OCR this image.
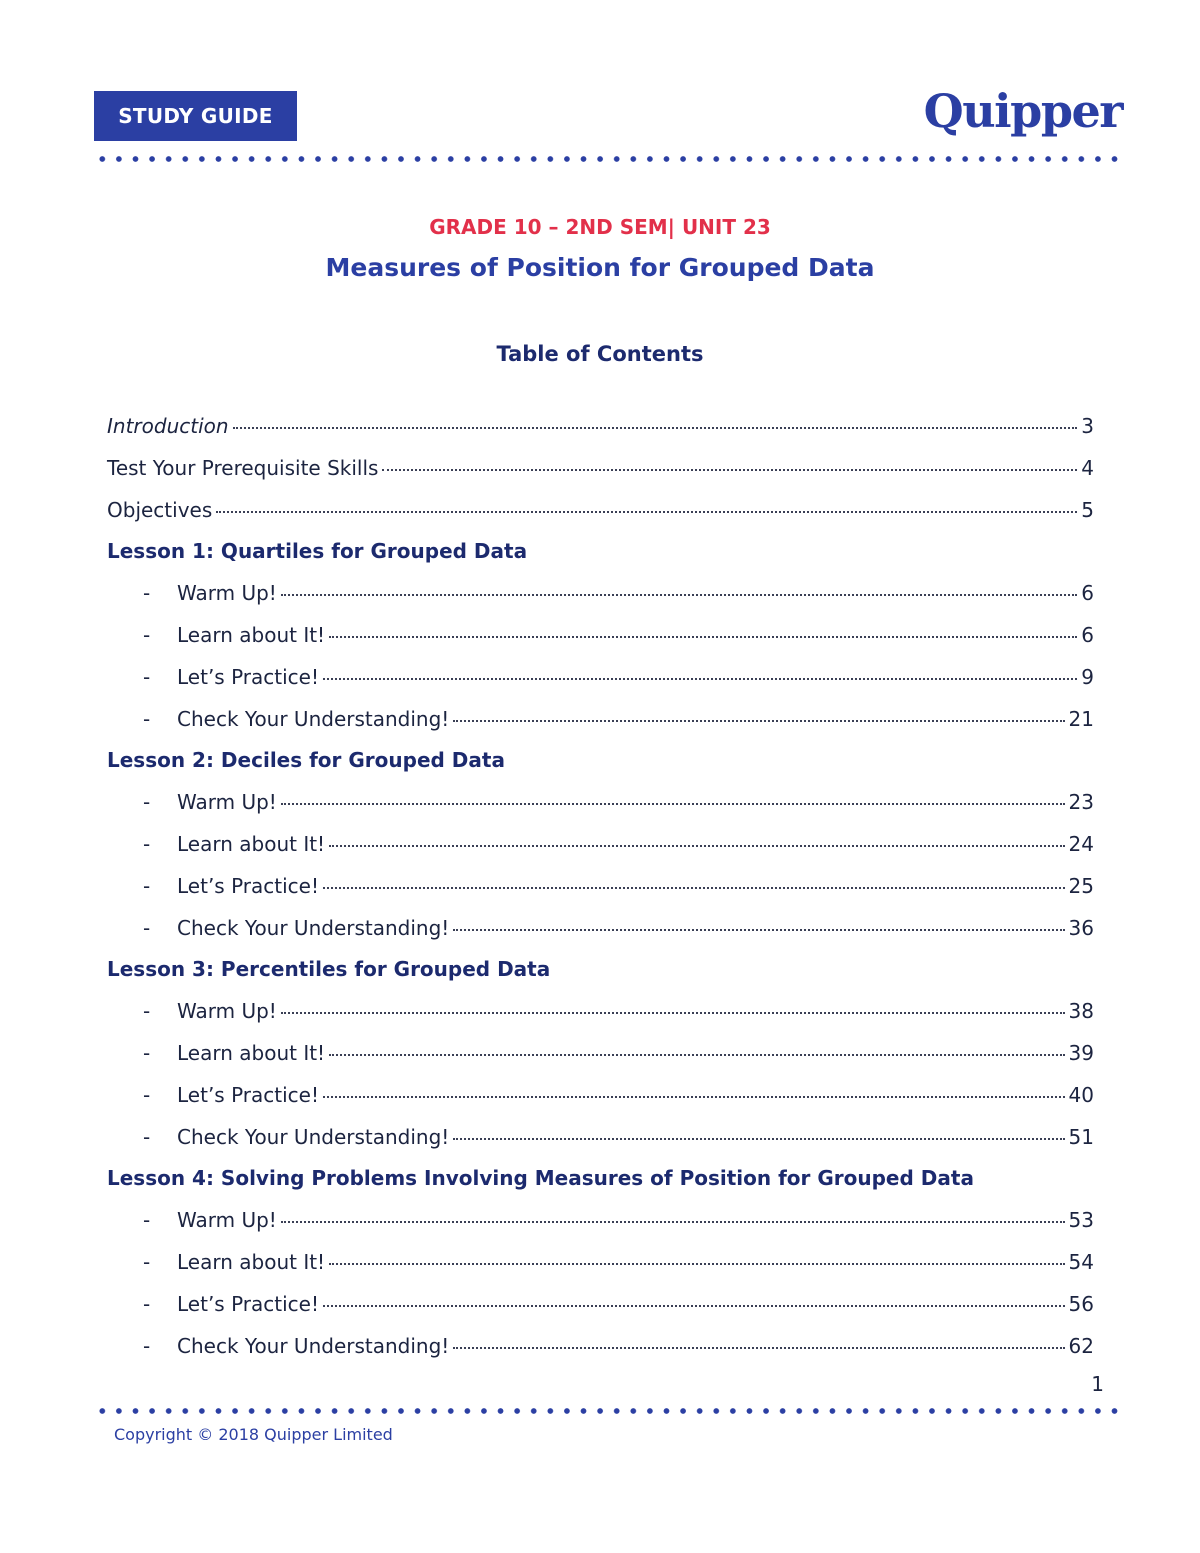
STUDY GUIDE	Quipper
GRADE 10 – 2ND SEM| UNIT 23
Measures of Position for Grouped Data
Table of Contents
Introduction	3
Test Your Prerequisite Skills	4
Objectives	5
Lesson 1: Quartiles for Grouped Data
-	Warm Up!	6
-	Learn about It!	6
-	Let’s Practice!	9
-	Check Your Understanding!	21
Lesson 2: Deciles for Grouped Data
-	Warm Up!	23
-	Learn about It!	24
-	Let’s Practice!	25
-	Check Your Understanding!	36
Lesson 3: Percentiles for Grouped Data
-	Warm Up!	38
-	Learn about It!	39
-	Let’s Practice!	40
-	Check Your Understanding!	51
Lesson 4: Solving Problems Involving Measures of Position for Grouped Data
-	Warm Up!	53
-	Learn about It!	54
-	Let’s Practice!	56
-	Check Your Understanding!	62
1
Copyright © 2018 Quipper Limited
